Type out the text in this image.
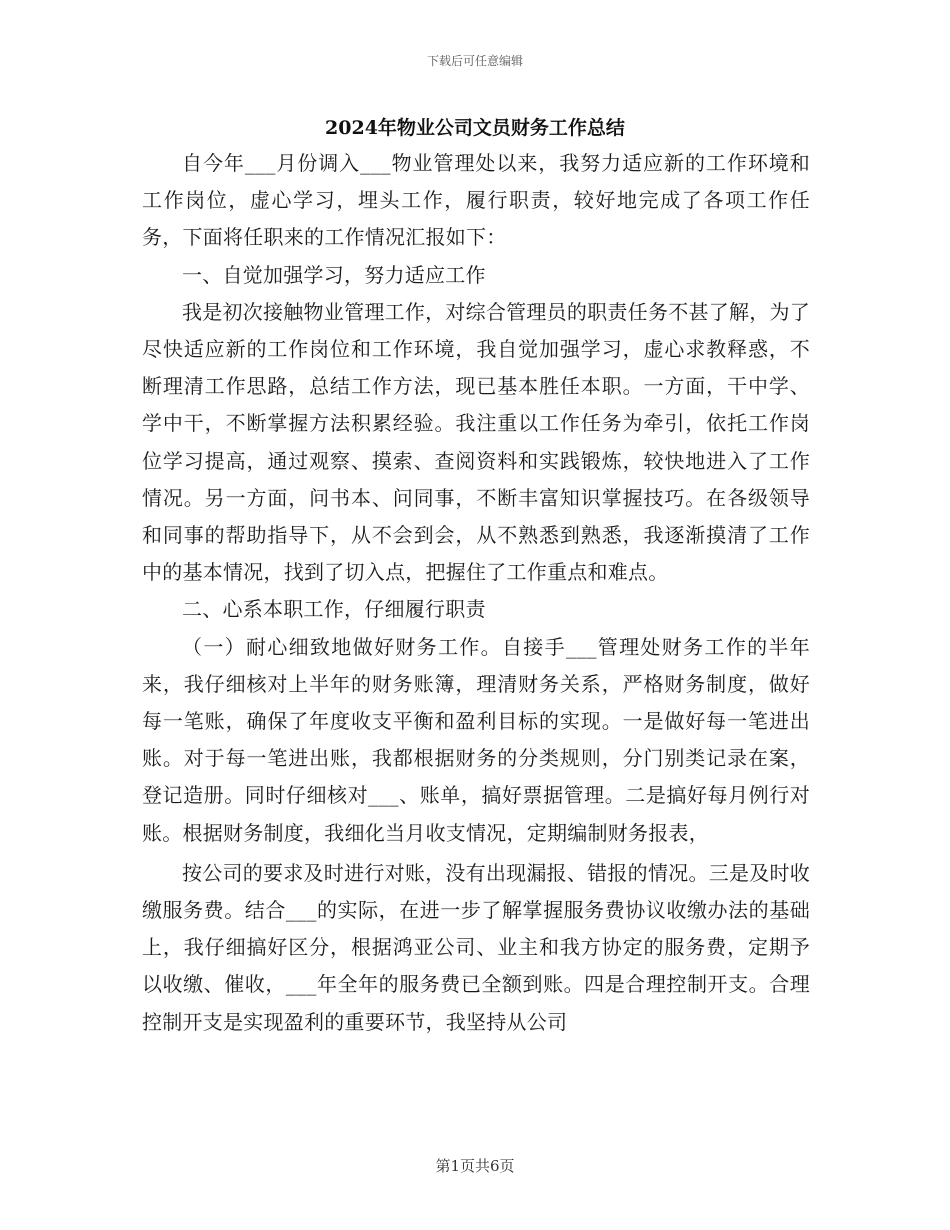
下载后可任意编辑
2024年物业公司文员财务工作总结

自今年___月份调入___物业管理处以来，我努力适应新的工作环境和工作岗位，虚心学习，埋头工作，履行职责，较好地完成了各项工作任务，下面将任职来的工作情况汇报如下：

一、自觉加强学习，努力适应工作

我是初次接触物业管理工作，对综合管理员的职责任务不甚了解，为了尽快适应新的工作岗位和工作环境，我自觉加强学习，虚心求教释惑，不断理清工作思路，总结工作方法，现已基本胜任本职。一方面，干中学、学中干，不断掌握方法积累经验。我注重以工作任务为牵引，依托工作岗位学习提高，通过观察、摸索、查阅资料和实践锻炼，较快地进入了工作情况。另一方面，问书本、问同事，不断丰富知识掌握技巧。在各级领导和同事的帮助指导下，从不会到会，从不熟悉到熟悉，我逐渐摸清了工作中的基本情况，找到了切入点，把握住了工作重点和难点。

二、心系本职工作，仔细履行职责

（一）耐心细致地做好财务工作。自接手___管理处财务工作的半年来，我仔细核对上半年的财务账簿，理清财务关系，严格财务制度，做好每一笔账，确保了年度收支平衡和盈利目标的实现。一是做好每一笔进出账。对于每一笔进出账，我都根据财务的分类规则，分门别类记录在案，登记造册。同时仔细核对___、账单，搞好票据管理。二是搞好每月例行对账。根据财务制度，我细化当月收支情况，定期编制财务报表，

按公司的要求及时进行对账，没有出现漏报、错报的情况。三是及时收缴服务费。结合___的实际，在进一步了解掌握服务费协议收缴办法的基础上，我仔细搞好区分，根据鸿亚公司、业主和我方协定的服务费，定期予以收缴、催收，___年全年的服务费已全额到账。四是合理控制开支。合理控制开支是实现盈利的重要环节，我坚持从公司

第1页共6页
